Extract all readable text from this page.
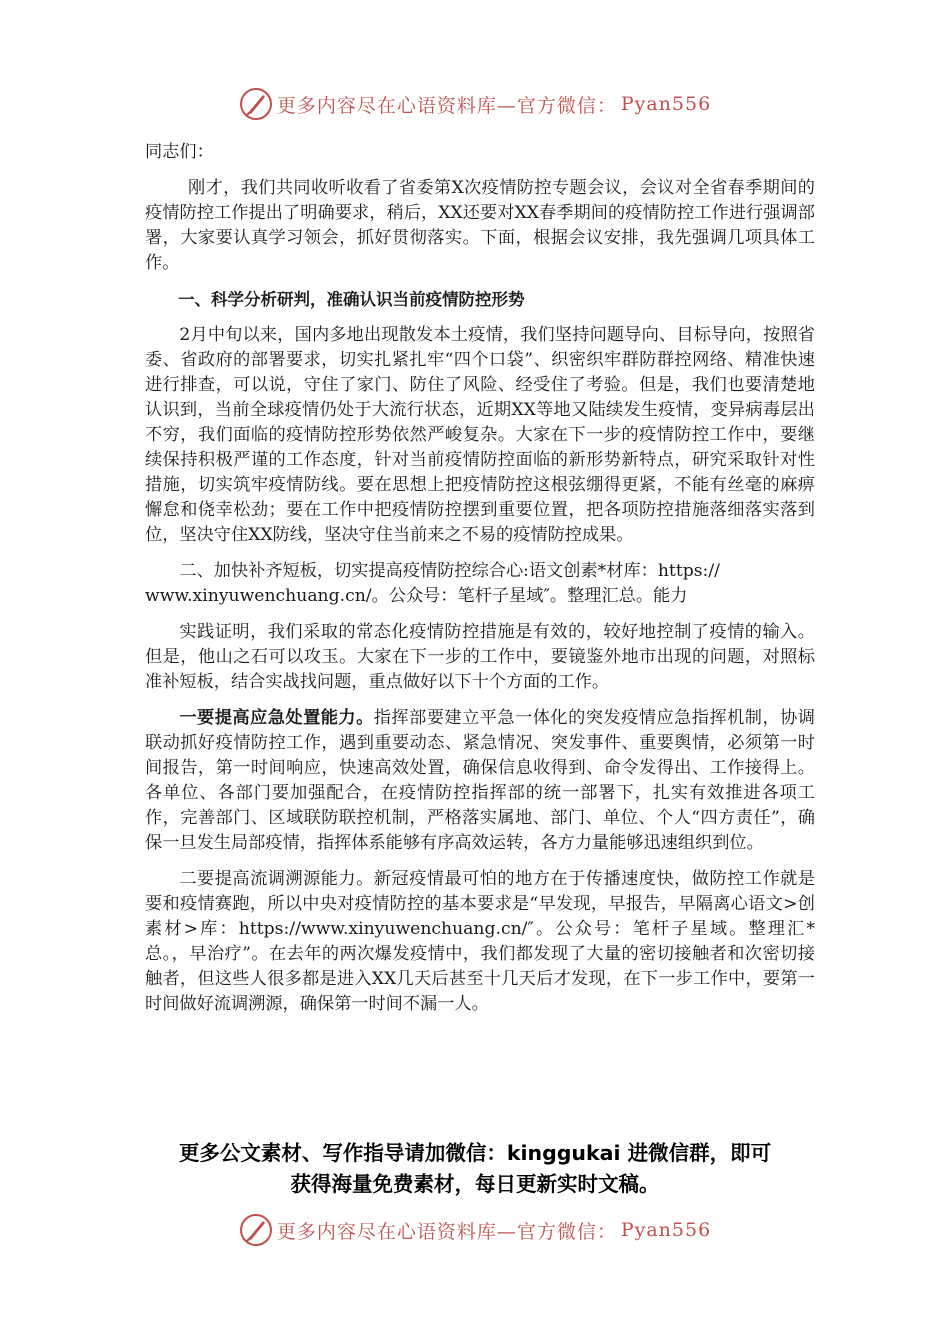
更多内容尽在心语资料库—官方微信： Pyan556

同志们：

刚才，我们共同收听收看了省委第X次疫情防控专题会议，会议对全省春季期间的疫情防控工作提出了明确要求，稍后，XX还要对XX春季期间的疫情防控工作进行强调部署，大家要认真学习领会，抓好贯彻落实。下面，根据会议安排，我先强调几项具体工作。

一、科学分析研判，准确认识当前疫情防控形势

2月中旬以来，国内多地出现散发本土疫情，我们坚持问题导向、目标导向，按照省委、省政府的部署要求，切实扎紧扎牢“四个口袋”、织密织牢群防群控网络、精准快速进行排查，可以说，守住了家门、防住了风险、经受住了考验。但是，我们也要清楚地认识到，当前全球疫情仍处于大流行状态，近期XX等地又陆续发生疫情，变异病毒层出不穷，我们面临的疫情防控形势依然严峻复杂。大家在下一步的疫情防控工作中，要继续保持积极严谨的工作态度，针对当前疫情防控面临的新形势新特点，研究采取针对性措施，切实筑牢疫情防线。要在思想上把疫情防控这根弦绷得更紧，不能有丝毫的麻痹懈怠和侥幸松劲；要在工作中把疫情防控摆到重要位置，把各项防控措施落细落实落到位，坚决守住XX防线，坚决守住当前来之不易的疫情防控成果。

二、加快补齐短板，切实提高疫情防控综合心:语文创素*材库：https://

www.xinyuwenchuang.cn/。公众号：笔杆子星域″。整理汇总。能力

实践证明，我们采取的常态化疫情防控措施是有效的，较好地控制了疫情的输入。但是，他山之石可以攻玉。大家在下一步的工作中，要镜鉴外地市出现的问题，对照标准补短板，结合实战找问题，重点做好以下十个方面的工作。

一要提高应急处置能力。指挥部要建立平急一体化的突发疫情应急指挥机制，协调联动抓好疫情防控工作，遇到重要动态、紧急情况、突发事件、重要舆情，必须第一时间报告，第一时间响应，快速高效处置，确保信息收得到、命令发得出、工作接得上。各单位、各部门要加强配合，在疫情防控指挥部的统一部署下，扎实有效推进各项工作，完善部门、区域联防联控机制，严格落实属地、部门、单位、个人“四方责任”，确保一旦发生局部疫情，指挥体系能够有序高效运转，各方力量能够迅速组织到位。

二要提高流调溯源能力。新冠疫情最可怕的地方在于传播速度快，做防控工作就是要和疫情赛跑，所以中央对疫情防控的基本要求是“早发现，早报告，早隔离心语文>创素材>库：https://www.xinyuwenchuang.cn/″。公众号：笔杆子星域。整理汇*总。，早治疗”。在去年的两次爆发疫情中，我们都发现了大量的密切接触者和次密切接触者，但这些人很多都是进入XX几天后甚至十几天后才发现，在下一步工作中，要第一时间做好流调溯源，确保第一时间不漏一人。

更多公文素材、写作指导请加微信：kinggukai 进微信群，即可
获得海量免费素材，每日更新实时文稿。
更多内容尽在心语资料库—官方微信： Pyan556
